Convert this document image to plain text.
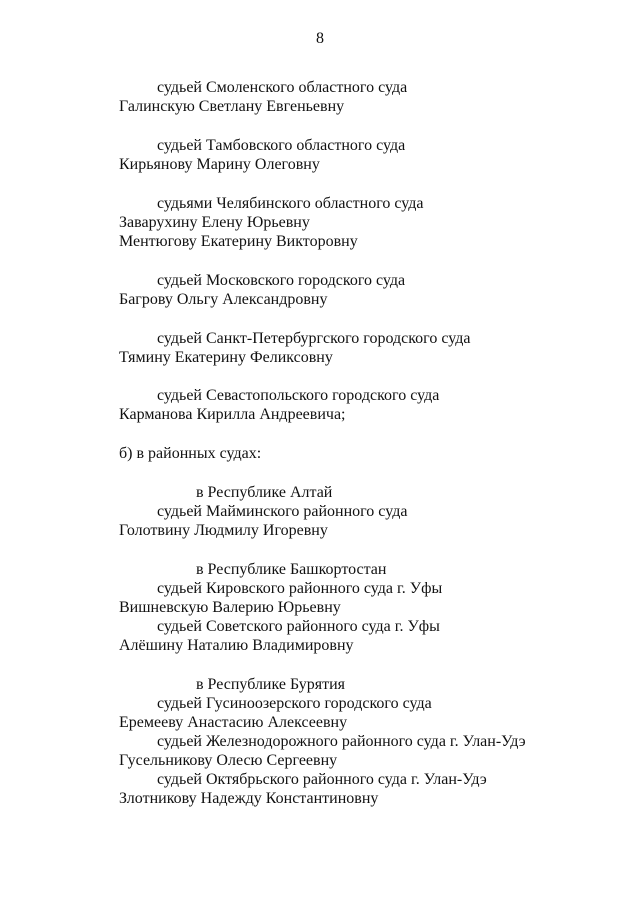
8
судьей Смоленского областного суда
Галинскую Светлану Евгеньевну
судьей Тамбовского областного суда
Кирьянову Марину Олеговну
судьями Челябинского областного суда
Заварухину Елену Юрьевну
Ментюгову Екатерину Викторовну
судьей Московского городского суда
Багрову Ольгу Александровну
судьей Санкт-Петербургского городского суда
Тямину Екатерину Феликсовну
судьей Севастопольского городского суда
Карманова Кирилла Андреевича;
б) в районных судах:
в Республике Алтай
судьей Майминского районного суда
Голотвину Людмилу Игоревну
в Республике Башкортостан
судьей Кировского районного суда г. Уфы
Вишневскую Валерию Юрьевну
судьей Советского районного суда г. Уфы
Алёшину Наталию Владимировну
в Республике Бурятия
судьей Гусиноозерского городского суда
Еремееву Анастасию Алексеевну
судьей Железнодорожного районного суда г. Улан-Удэ
Гусельникову Олесю Сергеевну
судьей Октябрьского районного суда г. Улан-Удэ
Злотникову Надежду Константиновну
